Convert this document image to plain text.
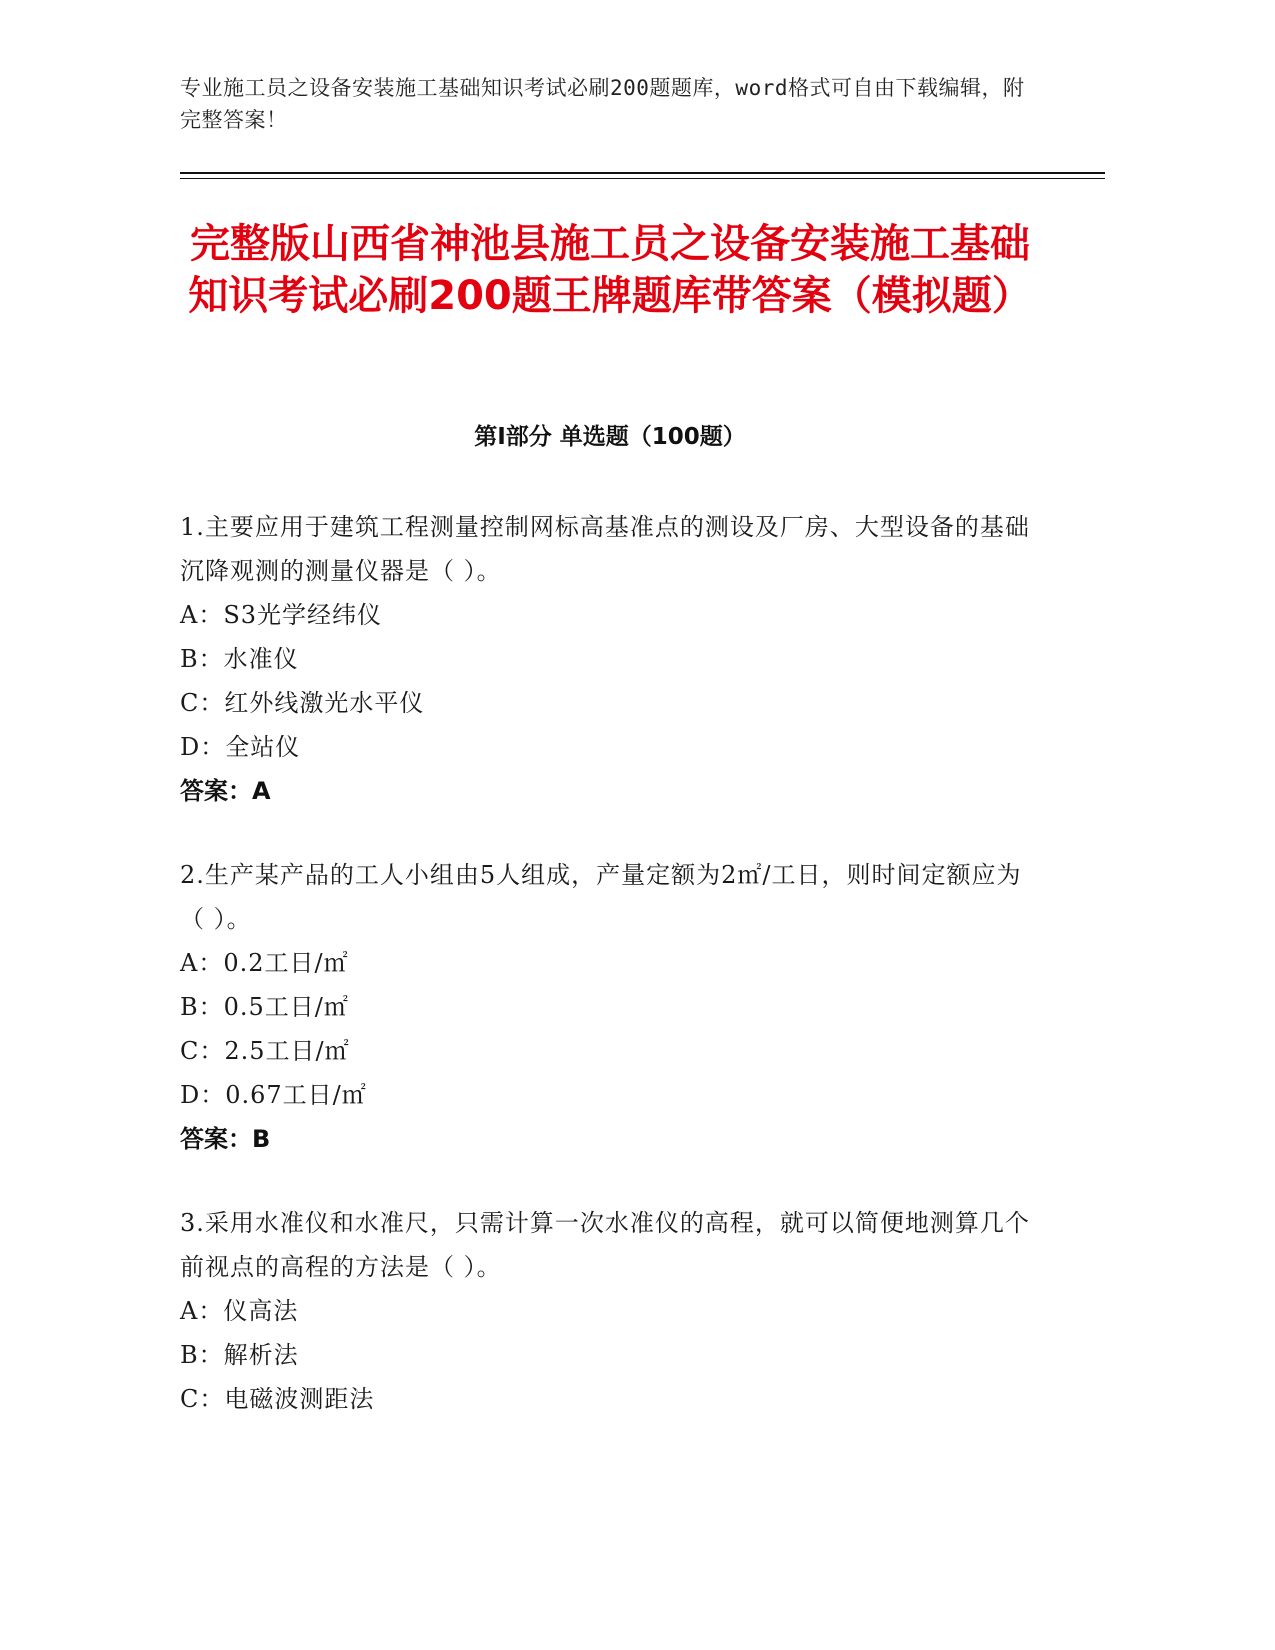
专业施工员之设备安装施工基础知识考试必刷200题题库，word格式可自由下载编辑，附完整答案！
完整版山西省神池县施工员之设备安装施工基础知识考试必刷200题王牌题库带答案（模拟题）
第Ⅰ部分 单选题（100题）

1.主要应用于建筑工程测量控制网标高基准点的测设及厂房、大型设备的基础沉降观测的测量仪器是（ ）。

A：S3光学经纬仪

B：水准仪

C：红外线激光水平仪

D：全站仪

答案：A

2.生产某产品的工人小组由5人组成，产量定额为2㎡/工日，则时间定额应为（ ）。

A：0.2工日/㎡

B：0.5工日/㎡

C：2.5工日/㎡

D：0.67工日/㎡

答案：B

3.采用水准仪和水准尺，只需计算一次水准仪的高程，就可以简便地测算几个前视点的高程的方法是（ ）。

A：仪高法

B：解析法

C：电磁波测距法
